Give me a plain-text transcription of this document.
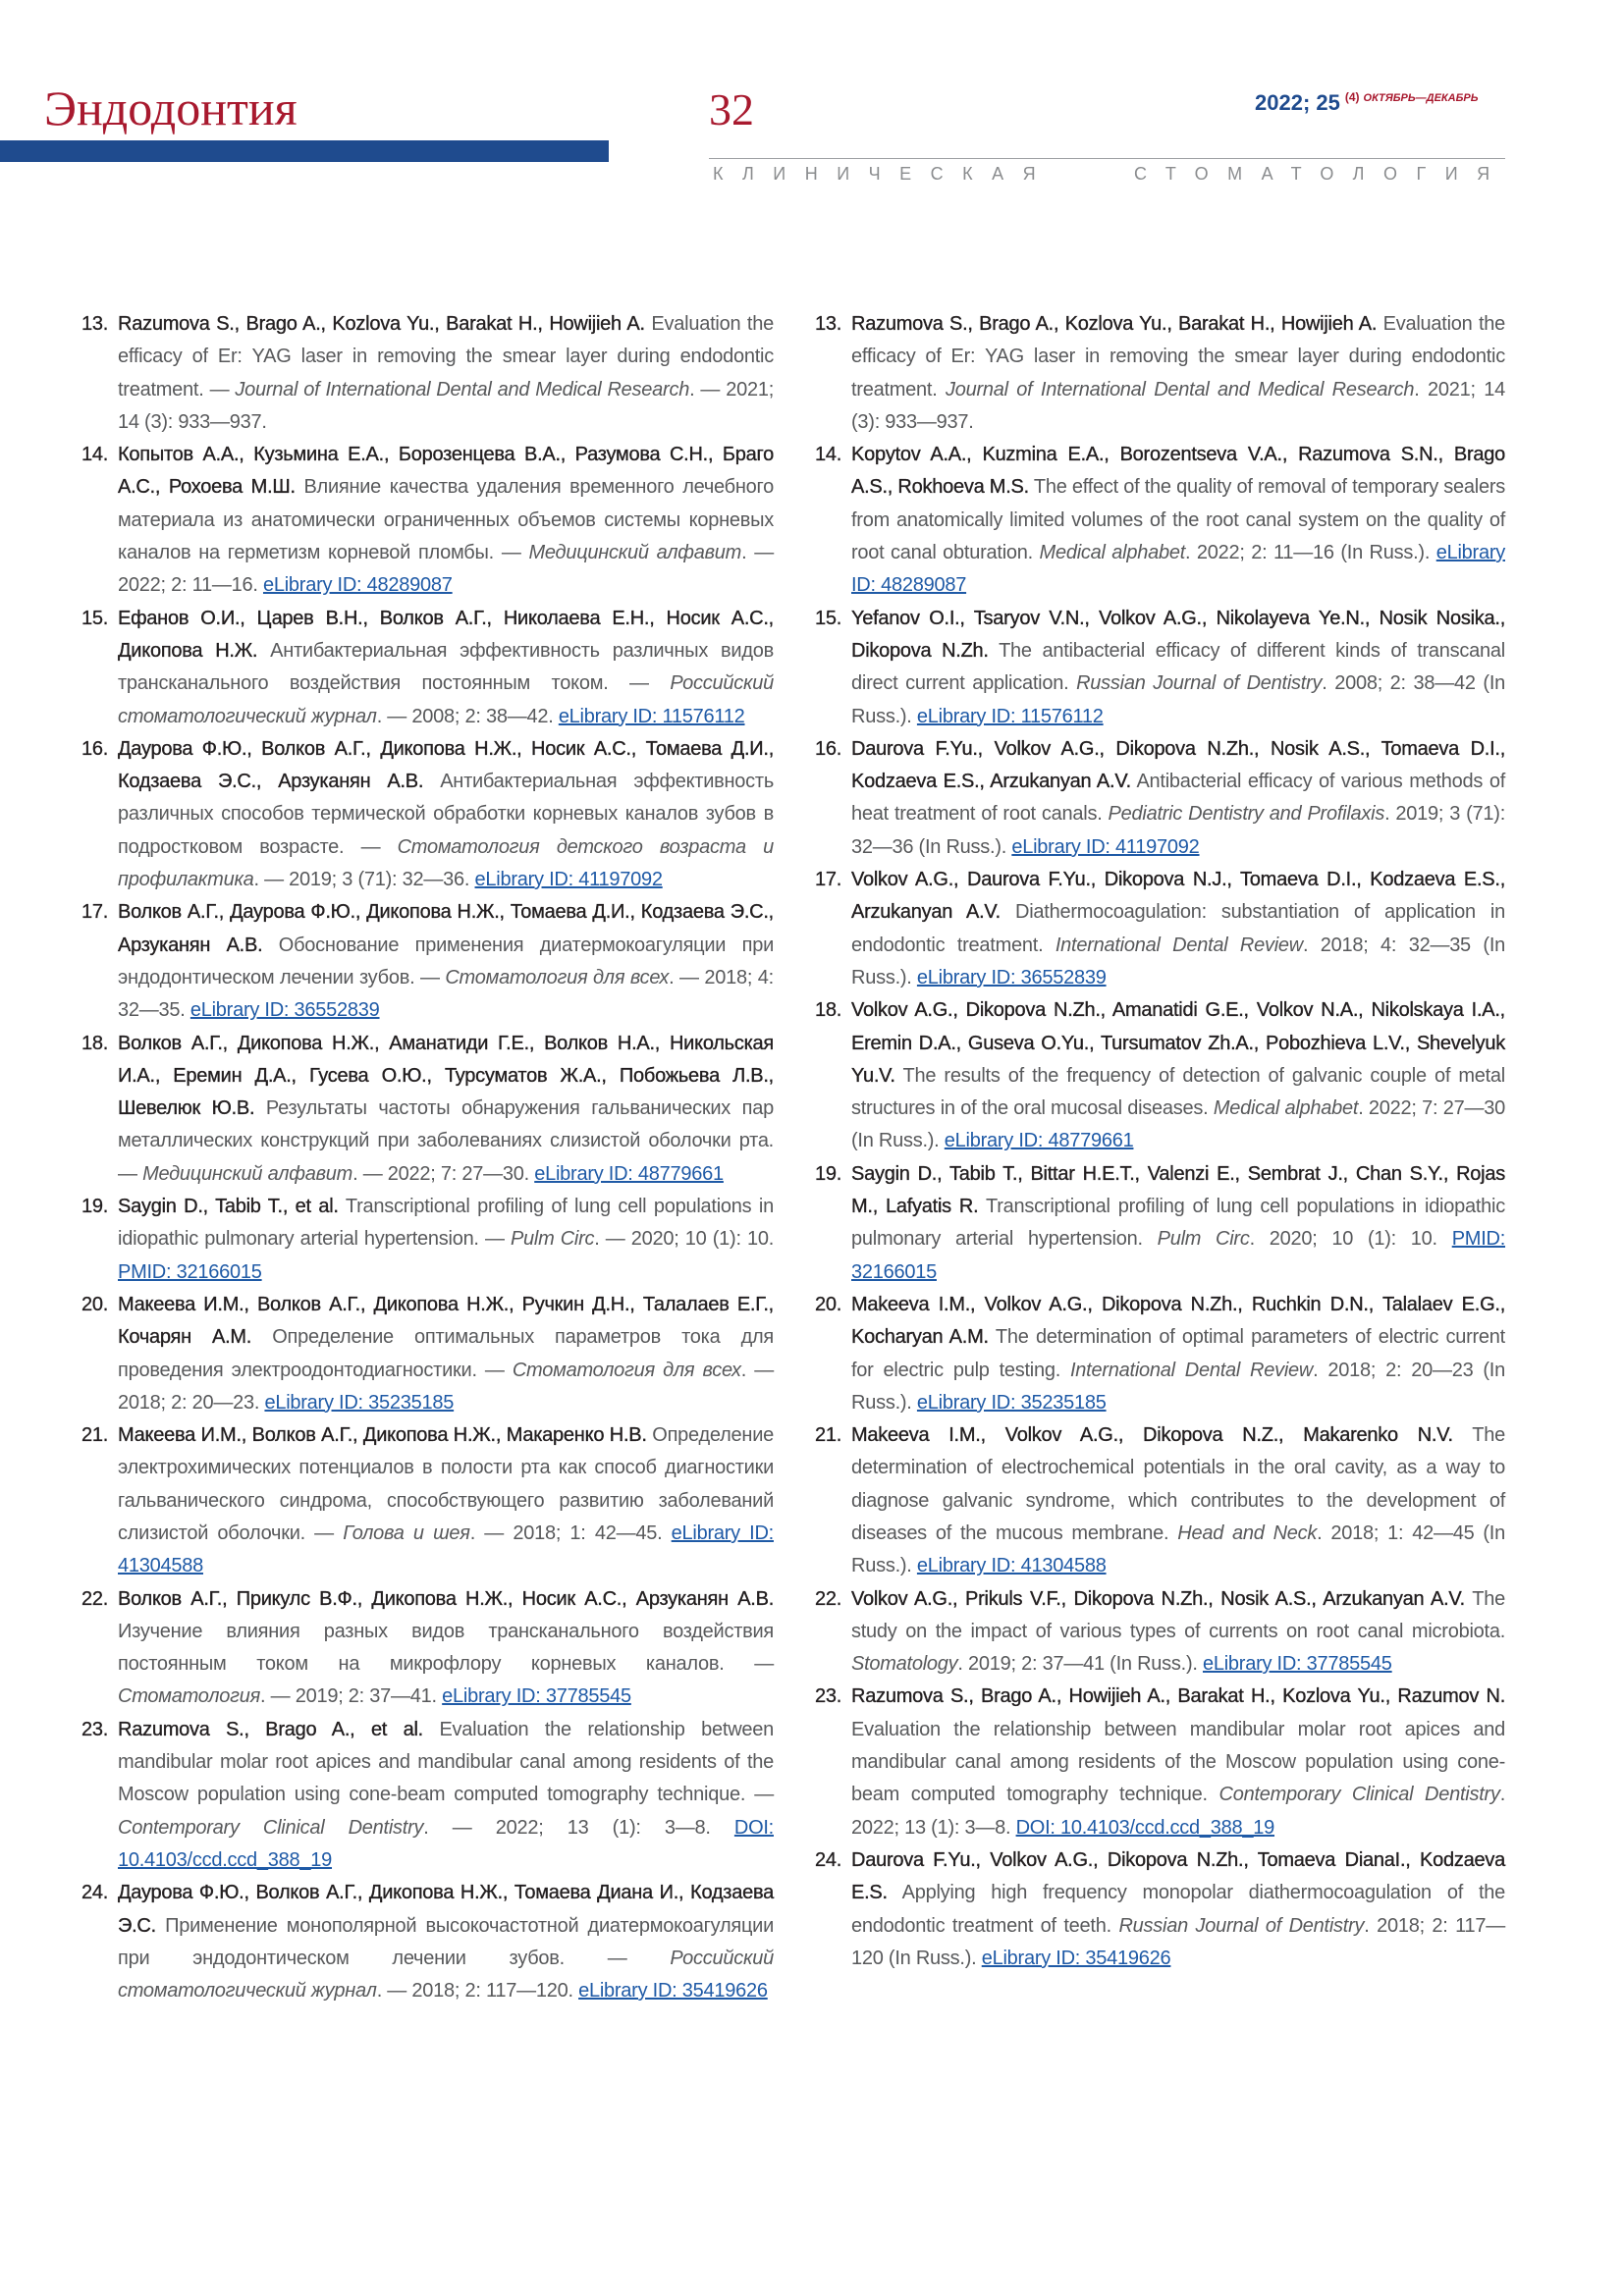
Эндодонтия	32	2022; 25 $^{(4)}$ $^{ОКТЯБРЬ—ДЕКАБРЬ}$
КЛИНИЧЕСКАЯ	СТОМАТОЛОГИЯ
13. Razumova S., Brago A., Kozlova Yu., Barakat H., Howijieh A. Evaluation the efficacy of Er: YAG laser in removing the smear layer during endodontic treatment. — Journal of International Dental and Medical Research. — 2021; 14 (3): 933—937.
14. Копытов А.А., Кузьмина Е.А., Борозенцева В.А., Разумова С.Н., Браго А.С., Рохоева М.Ш. Влияние качества удаления временного лечебного материала из анатомически ограниченных объемов системы корневых каналов на герметизм корневой пломбы. — Медицинский алфавит. — 2022; 2: 11—16. eLibrary ID: 48289087
15. Ефанов О.И., Царев В.Н., Волков А.Г., Николаева Е.Н., Носик А.С., Дикопова Н.Ж. Антибактериальная эффективность различных видов трансканального воздействия постоянным током. — Российский стоматологический журнал. — 2008; 2: 38—42. eLibrary ID: 11576112
16. Даурова Ф.Ю., Волков А.Г., Дикопова Н.Ж., Носик А.С., Томаева Д.И., Кодзаева Э.С., Арзуканян А.В. Антибактериальная эффективность различных способов термической обработки корневых каналов зубов в подростковом возрасте. — Стоматология детского возраста и профилактика. — 2019; 3 (71): 32—36. eLibrary ID: 41197092
17. Волков А.Г., Даурова Ф.Ю., Дикопова Н.Ж., Томаева Д.И., Кодзаева Э.С., Арзуканян А.В. Обоснование применения диатермокоагуляции при эндодонтическом лечении зубов. — Стоматология для всех. — 2018; 4: 32—35. eLibrary ID: 36552839
18. Волков А.Г., Дикопова Н.Ж., Аманатиди Г.Е., Волков Н.А., Никольская И.А., Еремин Д.А., Гусева О.Ю., Турсуматов Ж.А., Побожьева Л.В., Шевелюк Ю.В. Результаты частоты обнаружения гальванических пар металлических конструкций при заболеваниях слизистой оболочки рта. — Медицинский алфавит. — 2022; 7: 27—30. eLibrary ID: 48779661
19. Saygin D., Tabib T., et al. Transcriptional profiling of lung cell populations in idiopathic pulmonary arterial hypertension. — Pulm Circ. — 2020; 10 (1): 10. PMID: 32166015
20. Макеева И.М., Волков А.Г., Дикопова Н.Ж., Ручкин Д.Н., Талалаев Е.Г., Кочарян А.М. Определение оптимальных параметров тока для проведения электроодонтодиагностики. — Стоматология для всех. — 2018; 2: 20—23. eLibrary ID: 35235185
21. Макеева И.М., Волков А.Г., Дикопова Н.Ж., Макаренко Н.В. Определение электрохимических потенциалов в полости рта как способ диагностики гальванического синдрома, способствующего развитию заболеваний слизистой оболочки. — Голова и шея. — 2018; 1: 42—45. eLibrary ID: 41304588
22. Волков А.Г., Прикулс В.Ф., Дикопова Н.Ж., Носик А.С., Арзуканян А.В. Изучение влияния разных видов трансканального воздействия постоянным током на микрофлору корневых каналов. — Стоматология. — 2019; 2: 37—41. eLibrary ID: 37785545
23. Razumova S., Brago A., et al. Evaluation the relationship between mandibular molar root apices and mandibular canal among residents of the Moscow population using cone-beam computed tomography technique. — Contemporary Clinical Dentistry. — 2022; 13 (1): 3—8. DOI: 10.4103/ccd.ccd_388_19
24. Даурова Ф.Ю., Волков А.Г., Дикопова Н.Ж., Томаева Диана И., Кодзаева Э.С. Применение монополярной высокочастотной диатермокоагуляции при эндодонтическом лечении зубов. — Российский стоматологический журнал. — 2018; 2: 117—120. eLibrary ID: 35419626
13. Razumova S., Brago A., Kozlova Yu., Barakat H., Howijieh A. Evaluation the efficacy of Er: YAG laser in removing the smear layer during endodontic treatment. Journal of International Dental and Medical Research. 2021; 14 (3): 933—937.
14. Kopytov A.A., Kuzmina E.A., Borozentseva V.A., Razumova S.N., Brago A.S., Rokhoeva M.S. The effect of the quality of removal of temporary sealers from anatomically limited volumes of the root canal system on the quality of root canal obturation. Medical alphabet. 2022; 2: 11—16 (In Russ.). eLibrary ID: 48289087
15. Yefanov O.I., Tsaryov V.N., Volkov A.G., Nikolayeva Ye.N., Nosik Nosika., Dikopova N.Zh. The antibacterial efficacy of different kinds of transcanal direct current application. Russian Journal of Dentistry. 2008; 2: 38—42 (In Russ.). eLibrary ID: 11576112
16. Daurova F.Yu., Volkov A.G., Dikopova N.Zh., Nosik A.S., Tomaeva D.I., Kodzaeva E.S., Arzukanyan A.V. Antibacterial efficacy of various methods of heat treatment of root canals. Pediatric Dentistry and Profilaxis. 2019; 3 (71): 32—36 (In Russ.). eLibrary ID: 41197092
17. Volkov A.G., Daurova F.Yu., Dikopova N.J., Tomaeva D.I., Kodzaeva E.S., Arzukanyan A.V. Diathermocoagulation: substantiation of application in endodontic treatment. International Dental Review. 2018; 4: 32—35 (In Russ.). eLibrary ID: 36552839
18. Volkov A.G., Dikopova N.Zh., Amanatidi G.E., Volkov N.A., Nikolskaya I.A., Eremin D.A., Guseva O.Yu., Tursumatov Zh.A., Pobozhieva L.V., Shevelyuk Yu.V. The results of the frequency of detection of galvanic couple of metal structures in of the oral mucosal diseases. Medical alphabet. 2022; 7: 27—30 (In Russ.). eLibrary ID: 48779661
19. Saygin D., Tabib T., Bittar H.E.T., Valenzi E., Sembrat J., Chan S.Y., Rojas M., Lafyatis R. Transcriptional profiling of lung cell populations in idiopathic pulmonary arterial hypertension. Pulm Circ. 2020; 10 (1): 10. PMID: 32166015
20. Makeeva I.M., Volkov A.G., Dikopova N.Zh., Ruchkin D.N., Talalaev E.G., Kocharyan A.M. The determination of optimal parameters of electric current for electric pulp testing. International Dental Review. 2018; 2: 20—23 (In Russ.). eLibrary ID: 35235185
21. Makeeva I.M., Volkov A.G., Dikopova N.Z., Makarenko N.V. The determination of electrochemical potentials in the oral cavity, as a way to diagnose galvanic syndrome, which contributes to the development of diseases of the mucous membrane. Head and Neck. 2018; 1: 42—45 (In Russ.). eLibrary ID: 41304588
22. Volkov A.G., Prikuls V.F., Dikopova N.Zh., Nosik A.S., Arzukanyan A.V. The study on the impact of various types of currents on root canal microbiota. Stomatology. 2019; 2: 37—41 (In Russ.). eLibrary ID: 37785545
23. Razumova S., Brago A., Howijieh A., Barakat H., Kozlova Yu., Razumov N. Evaluation the relationship between mandibular molar root apices and mandibular canal among residents of the Moscow population using cone-beam computed tomography technique. Contemporary Clinical Dentistry. 2022; 13 (1): 3—8. DOI: 10.4103/ccd.ccd_388_19
24. Daurova F.Yu., Volkov A.G., Dikopova N.Zh., Tomaeva DianaI., Kodzaeva E.S. Applying high frequency monopolar diathermocoagulation of the endodontic treatment of teeth. Russian Journal of Dentistry. 2018; 2: 117—120 (In Russ.). eLibrary ID: 35419626
